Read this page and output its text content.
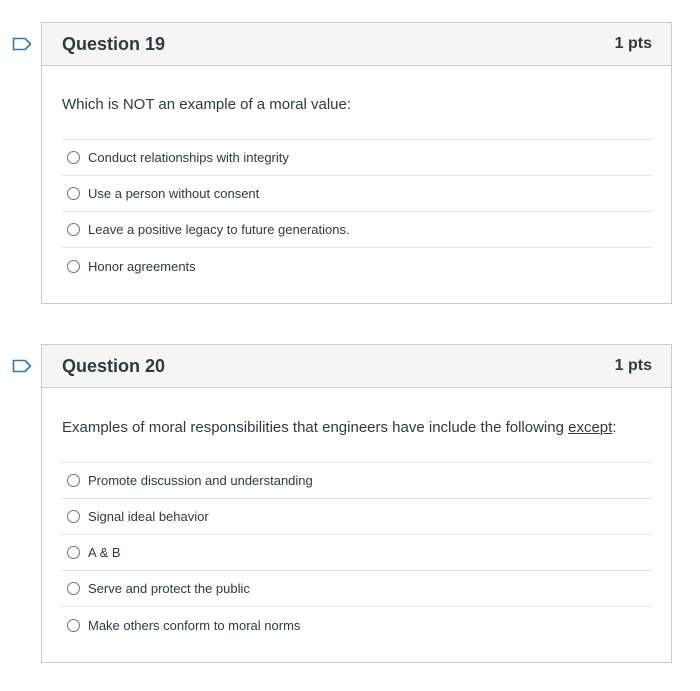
Question 19	1 pts
Which is NOT an example of a moral value:
Conduct relationships with integrity
Use a person without consent
Leave a positive legacy to future generations.
Honor agreements
Question 20	1 pts
Examples of moral responsibilities that engineers have include the following except:
Promote discussion and understanding
Signal ideal behavior
A & B
Serve and protect the public
Make others conform to moral norms
